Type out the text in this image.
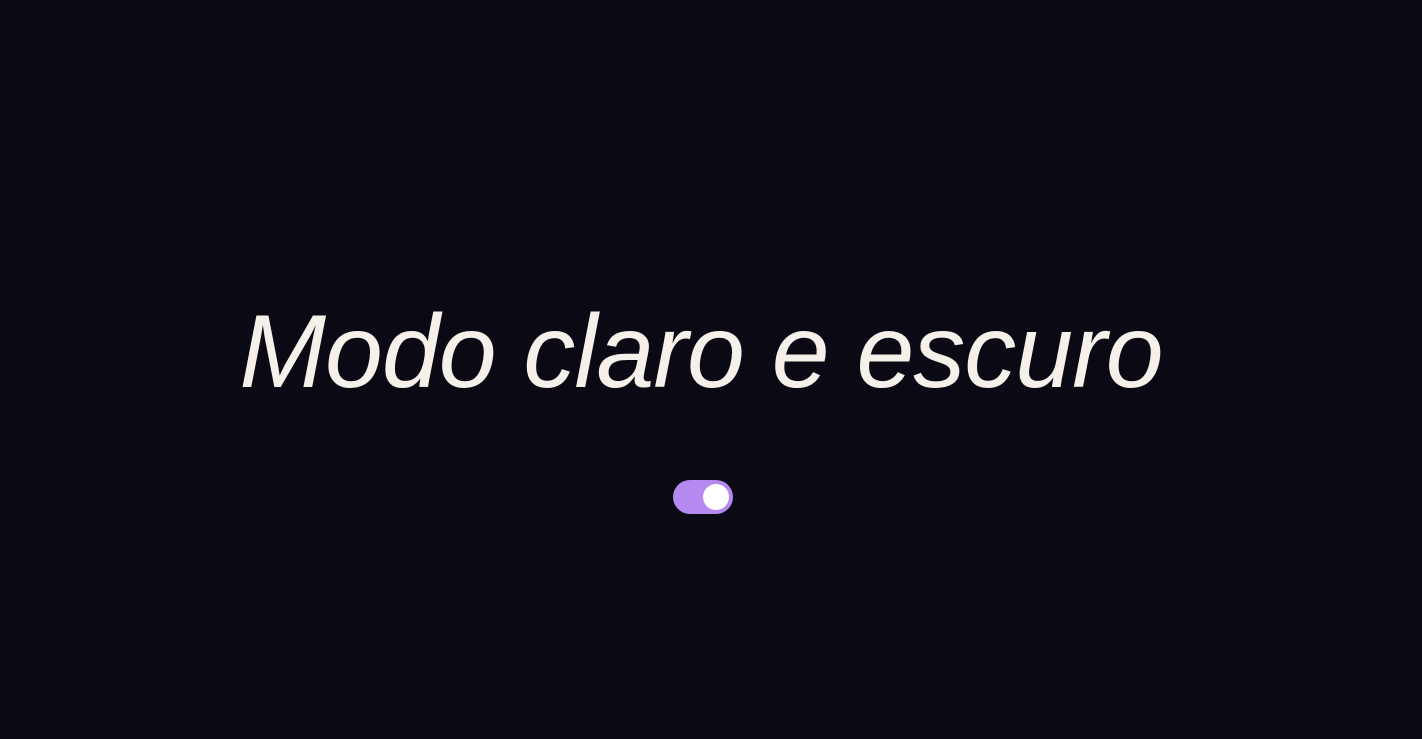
Modo claro e escuro
